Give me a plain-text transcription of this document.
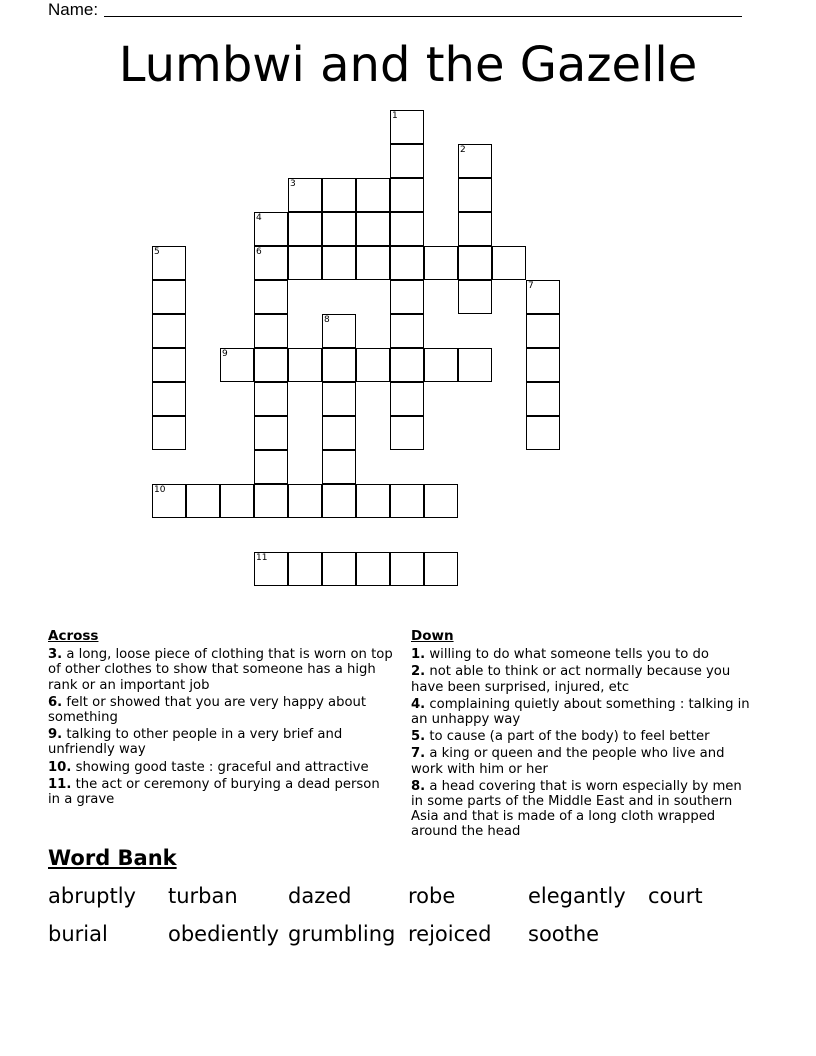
Name:
Lumbwi and the Gazelle
1
2
3
4
6
5
7
8
9
10
11
Across
3. a long, loose piece of clothing that is worn on top of other clothes to show that someone has a high rank or an important job
6. felt or showed that you are very happy about something
9. talking to other people in a very brief and unfriendly way
10. showing good taste : graceful and attractive
11. the act or ceremony of burying a dead person in a grave
Down
1. willing to do what someone tells you to do
2. not able to think or act normally because you have been surprised, injured, etc
4. complaining quietly about something : talking in an unhappy way
5. to cause (a part of the body) to feel better
7. a king or queen and the people who live and work with him or her
8. a head covering that is worn especially by men in some parts of the Middle East and in southern Asia and that is made of a long cloth wrapped around the head
Word Bank
abruptly turban dazed	robe	elegantly court
burial	obediently grumbling rejoiced soothe
